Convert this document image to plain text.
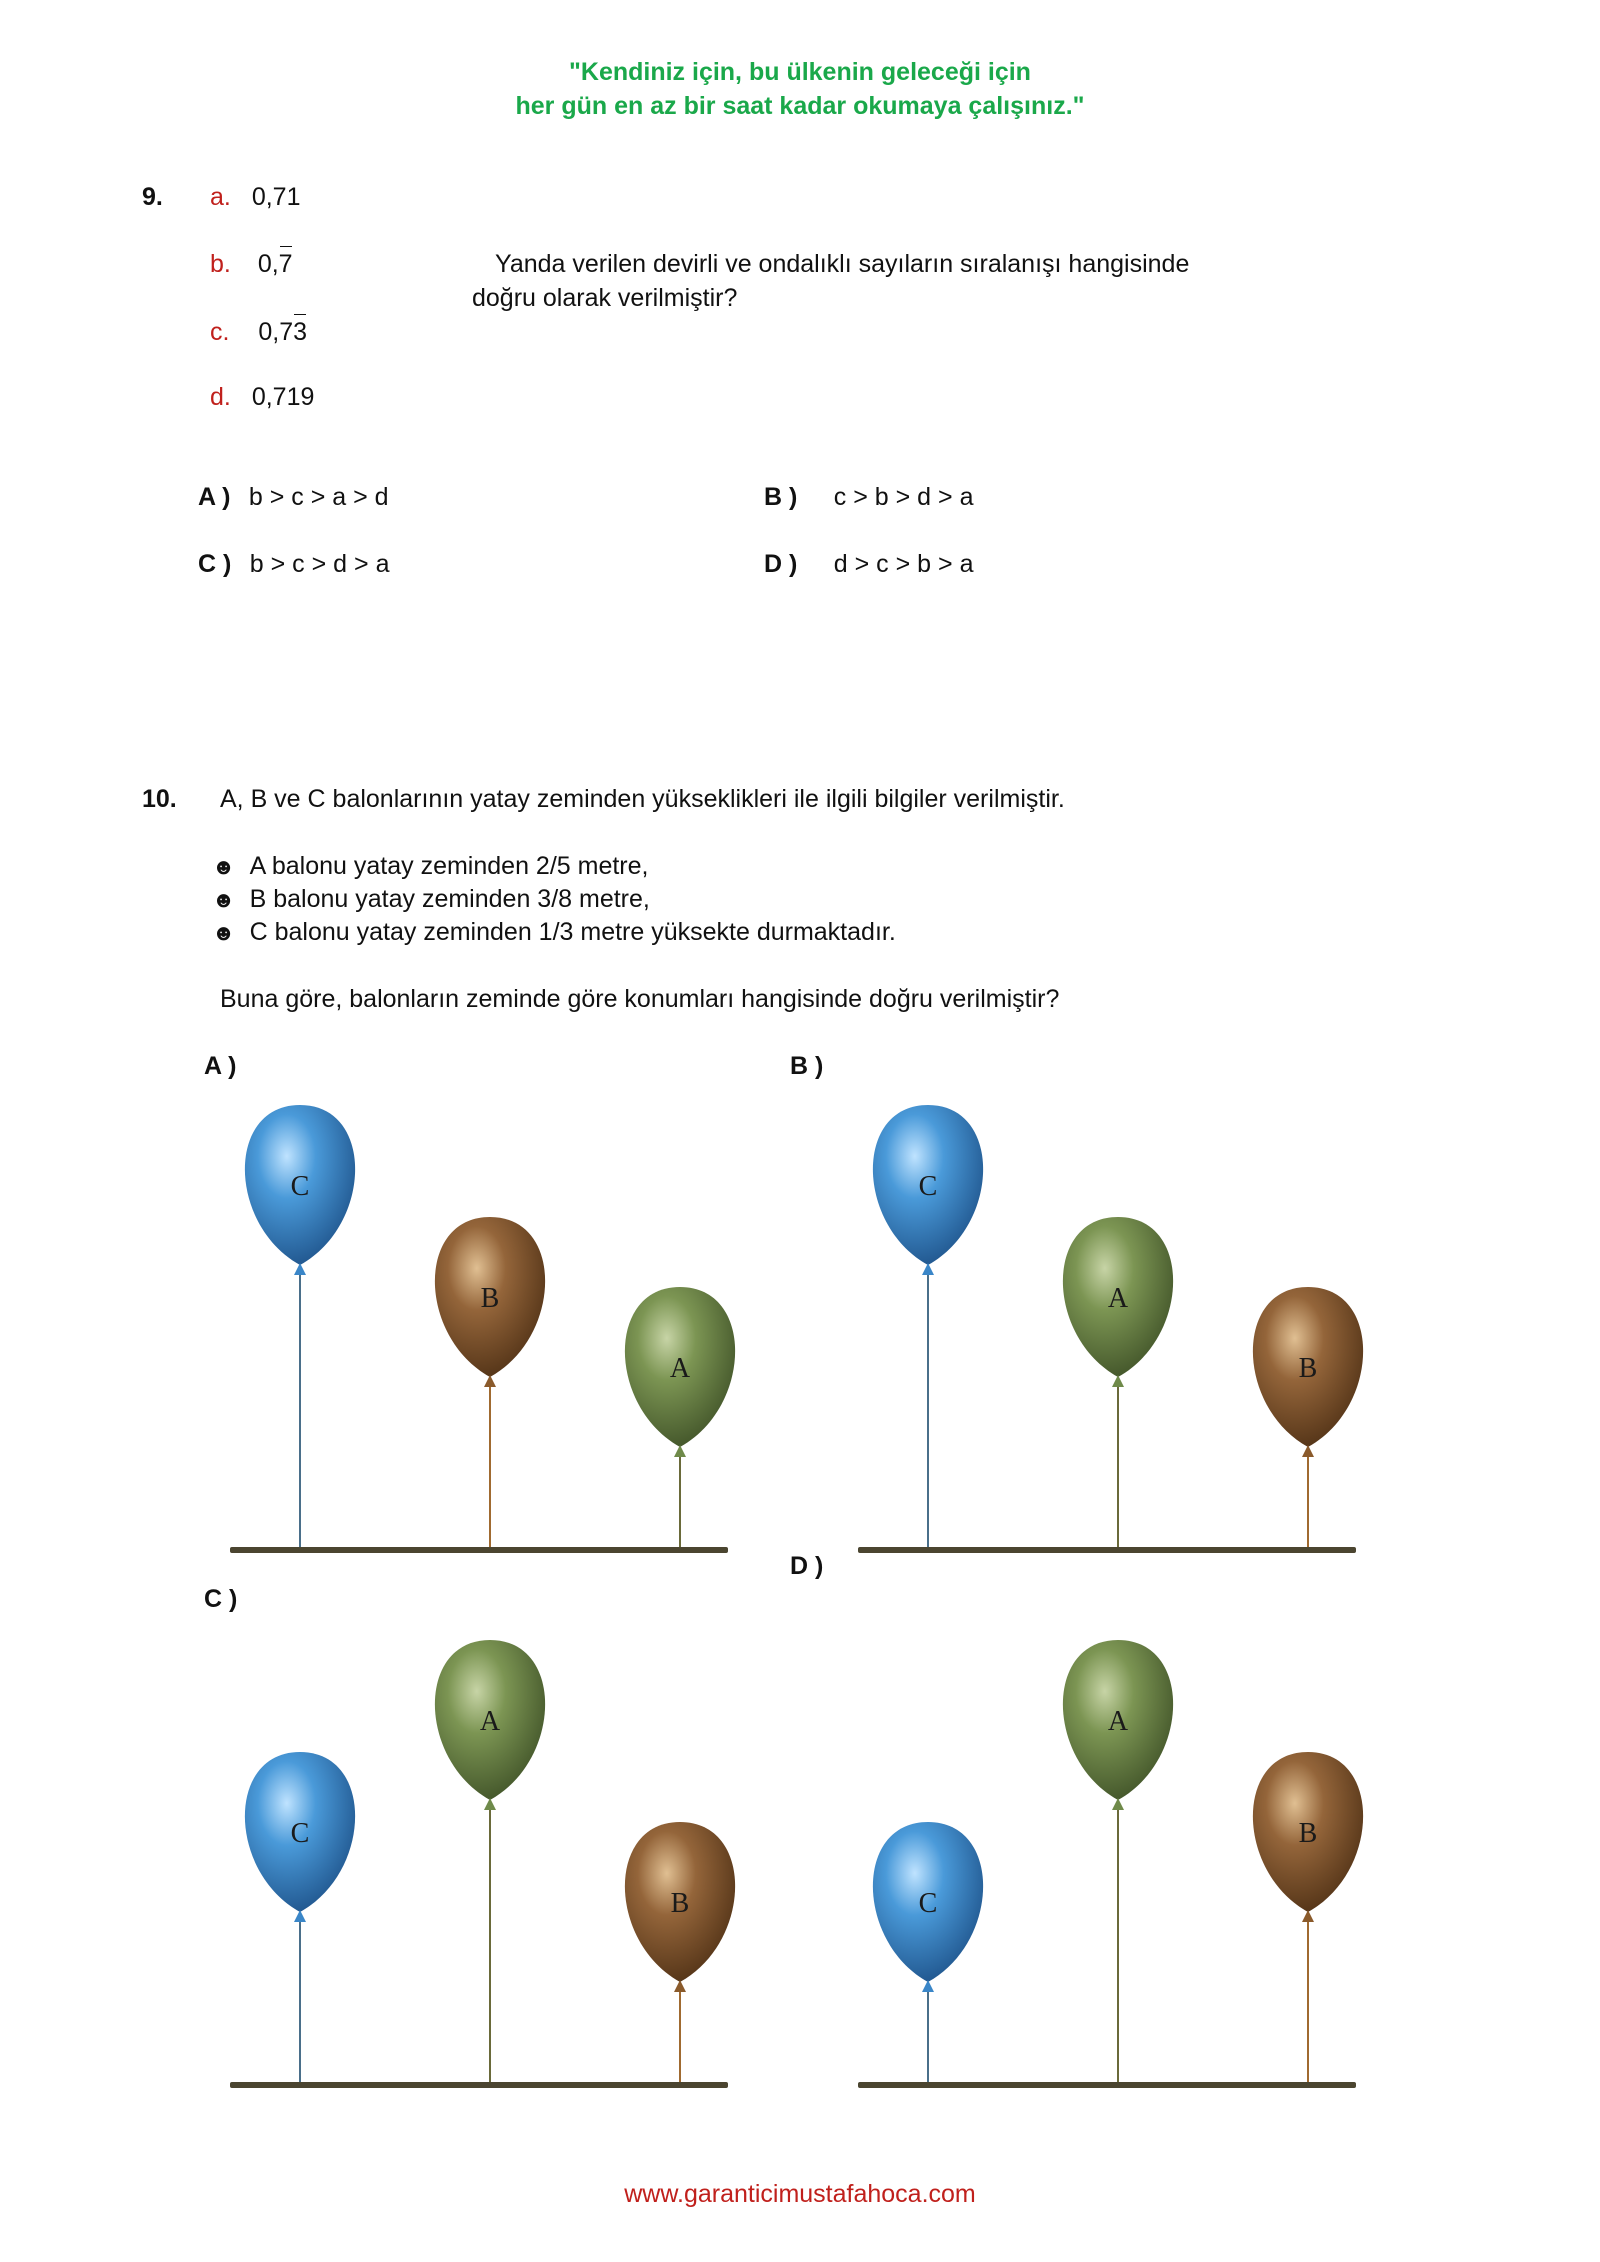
"Kendiniz için, bu ülkenin geleceği için
her gün en az bir saat kadar okumaya çalışınız."
9. a. 0,71
b. 0,7
c. 0,73
d. 0,719
Yanda verilen devirli ve ondalıklı sayıların sıralanışı hangisinde
doğru olarak verilmiştir?
A ) b > c > a > d	B ) c > b > d > a
C ) b > c > d > a	D ) d > c > b > a
10. A, B ve C balonlarının yatay zeminden yükseklikleri ile ilgili bilgiler verilmiştir.
☻ A balonu yatay zeminden 2/5 metre,
☻ B balonu yatay zeminden 3/8 metre,
☻ C balonu yatay zeminden 1/3 metre yüksekte durmaktadır.
Buna göre, balonların zeminde göre konumları hangisinde doğru verilmiştir?
A )	B )
C )
D )
C
B
A
C
A
B
C
A
B	C
A
B
www.garanticimustafahoca.com
